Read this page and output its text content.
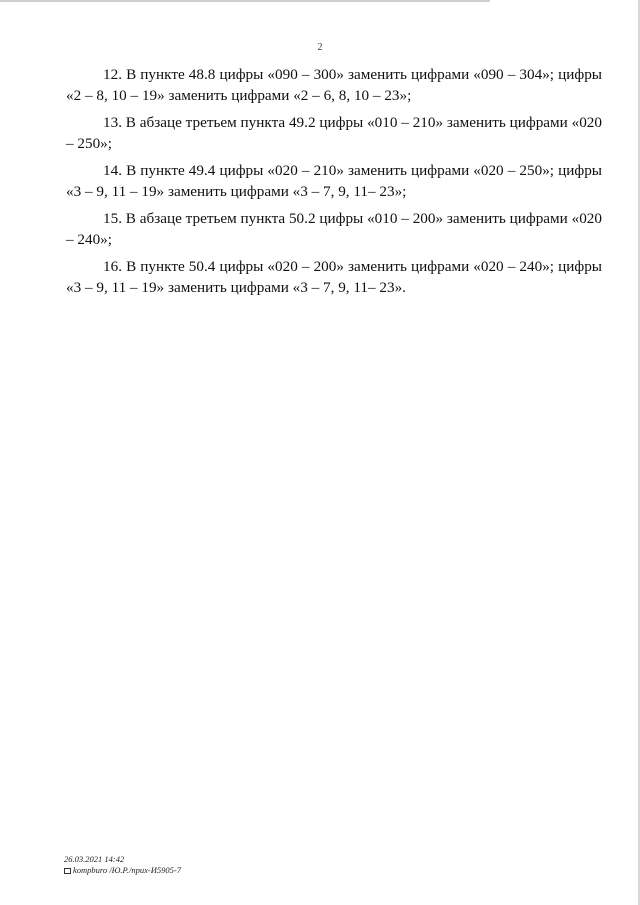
2

12. В пункте 48.8 цифры «090 – 300» заменить цифрами «090 – 304»; цифры «2 – 8, 10 – 19» заменить цифрами «2 – 6, 8, 10 – 23»;

13. В абзаце третьем пункта 49.2 цифры «010 – 210» заменить цифрами «020 – 250»;

14. В пункте 49.4 цифры «020 – 210» заменить цифрами «020 – 250»; цифры «3 – 9, 11 – 19» заменить цифрами «3 – 7, 9, 11– 23»;

15. В абзаце третьем пункта 50.2 цифры «010 – 200» заменить цифрами «020 – 240»;

16. В пункте 50.4 цифры «020 – 200» заменить цифрами «020 – 240»; цифры «3 – 9, 11 – 19» заменить цифрами «3 – 7, 9, 11– 23».

26.03.2021 14:42
kompburo /Ю.Р./npux-И5905-7
